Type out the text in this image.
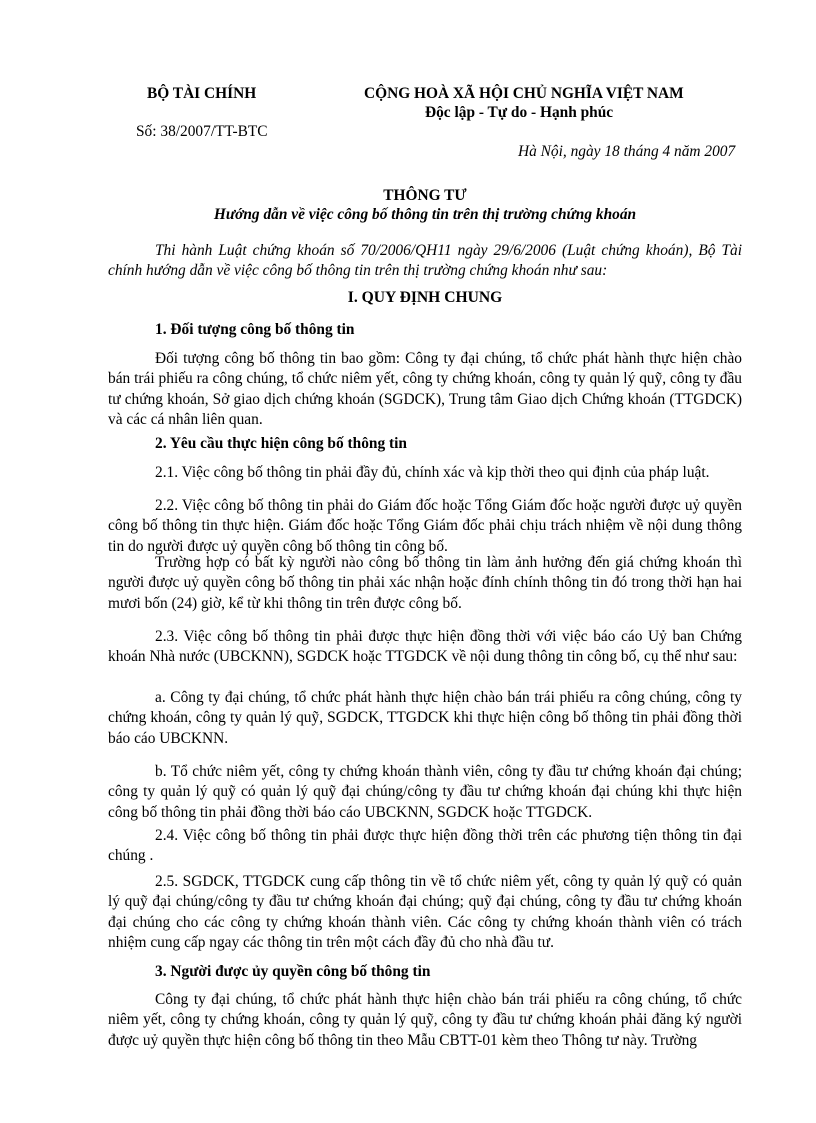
BỘ TÀI CHÍNH
Số: 38/2007/TT-BTC
CỘNG HOÀ XÃ HỘI CHỦ NGHĨA VIỆT NAM
Độc lập - Tự do - Hạnh phúc
Hà Nội, ngày 18 tháng 4 năm 2007
THÔNG TƯ
Hướng dẫn về việc công bố thông tin trên thị trường chứng khoán

Thi hành Luật chứng khoán số 70/2006/QH11 ngày 29/6/2006 (Luật chứng khoán), Bộ Tài chính hướng dẫn về việc công bố thông tin trên thị trường chứng khoán như sau:

I. QUY ĐỊNH CHUNG
1. Đối tượng công bố thông tin

Đối tượng công bố thông tin bao gồm: Công ty đại chúng, tổ chức phát hành thực hiện chào bán trái phiếu ra công chúng, tổ chức niêm yết, công ty chứng khoán, công ty quản lý quỹ, công ty đầu tư chứng khoán, Sở giao dịch chứng khoán (SGDCK), Trung tâm Giao dịch Chứng khoán (TTGDCK) và các cá nhân liên quan.

2. Yêu cầu thực hiện công bố thông tin

2.1. Việc công bố thông tin phải đầy đủ, chính xác và kịp thời theo qui định của pháp luật.

2.2. Việc công bố thông tin phải do Giám đốc hoặc Tổng Giám đốc hoặc người được uỷ quyền công bố thông tin thực hiện. Giám đốc hoặc Tổng Giám đốc phải chịu trách nhiệm về nội dung thông tin do người được uỷ quyền công bố thông tin công bố.

Trường hợp có bất kỳ người nào công bố thông tin làm ảnh hưởng đến giá chứng khoán thì người được uỷ quyền công bố thông tin phải xác nhận hoặc đính chính thông tin đó trong thời hạn hai mươi bốn (24) giờ, kể từ khi thông tin trên được công bố.

2.3. Việc công bố thông tin phải được thực hiện đồng thời với việc báo cáo Uỷ ban Chứng khoán Nhà nước (UBCKNN), SGDCK hoặc TTGDCK về nội dung thông tin công bố, cụ thể như sau:

a. Công ty đại chúng, tổ chức phát hành thực hiện chào bán trái phiếu ra công chúng, công ty chứng khoán, công ty quản lý quỹ, SGDCK, TTGDCK khi thực hiện công bố thông tin phải đồng thời báo cáo UBCKNN.

b. Tổ chức niêm yết, công ty chứng khoán thành viên, công ty đầu tư chứng khoán đại chúng; công ty quản lý quỹ có quản lý quỹ đại chúng/công ty đầu tư chứng khoán đại chúng khi thực hiện công bố thông tin phải đồng thời báo cáo UBCKNN, SGDCK hoặc TTGDCK.

2.4. Việc công bố thông tin phải được thực hiện đồng thời trên các phương tiện thông tin đại chúng .

2.5. SGDCK, TTGDCK cung cấp thông tin về tổ chức niêm yết, công ty quản lý quỹ có quản lý quỹ đại chúng/công ty đầu tư chứng khoán đại chúng; quỹ đại chúng, công ty đầu tư chứng khoán đại chúng cho các công ty chứng khoán thành viên. Các công ty chứng khoán thành viên có trách nhiệm cung cấp ngay các thông tin trên một cách đầy đủ cho nhà đầu tư.

3. Người được ủy quyền công bố thông tin

Công ty đại chúng, tổ chức phát hành thực hiện chào bán trái phiếu ra công chúng, tổ chức niêm yết, công ty chứng khoán, công ty quản lý quỹ, công ty đầu tư chứng khoán phải đăng ký người được uỷ quyền thực hiện công bố thông tin theo Mẫu CBTT-01 kèm theo Thông tư này. Trường
